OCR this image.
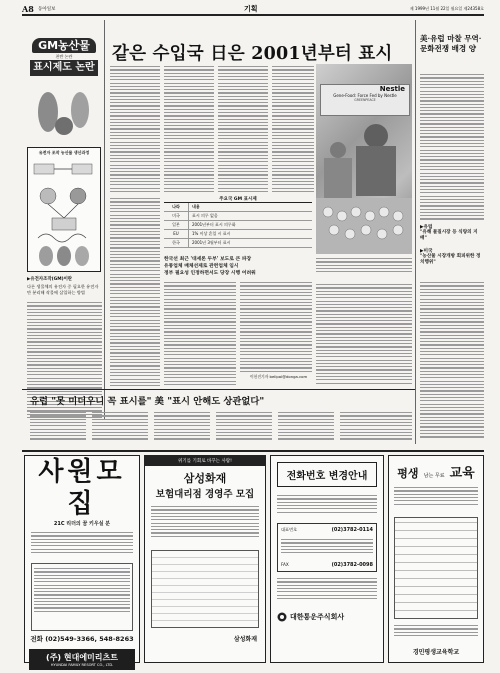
A8 동아일보	기획	제 1999년 11월 22일 월요일 제24358호
GM농산물
찬반 논란
표시제도 논란
유전자 조작 농산물 생산과정
▶유전자조작(GM)이란
다른 생물체의 유전자 중 필요한 유전자만 분리해 작물에 삽입하는 방법
같은 수입국 日은 2001년부터 표시
Nestle
Gene-Food: Force Fed by Nestle
GREENPEACE
주요국 GM 표시제
나라	내용
미국	표시 의무 없음
일본	2001년부터 표시 의무화
EU	1% 이상 혼입 시 표시
한국	2001년 3월부터 표시
한국선 최근 '대세론 두부' 보도로 큰 파장
유통업체 매체선제로 관련업체 임시
정부 필요성 인정하면서도 당장 시행 어려워
이헌진기자 bellpal@donga.com
美·유럽 마찰 무역·문화전쟁 배경 양
▶유럽
"유해 물질시장 등 식량의 지배"
▶미국
"농산물 시장개방 회피위한 정치행위"
유럽 "못 미더우니 꼭 표시를" 美 "표시 안해도 상관없다"
사원모집
21C 리더의 꿈 키우실 분
전화 (02)549-3366, 548-8263
(주) 현대에미리츠트
HYUNDAI FAMILY RESORT CO., LTD.
위기를 기회로 바꾸는 사람!
삼성화재
보험대리점 경영주 모집
삼성화재
전화번호 변경안내
대표번호	(02)3782-0114
FAX	(02)3782-0098
대한통운주식회사
평생 남는 무료 교육
경민평생교육학교
